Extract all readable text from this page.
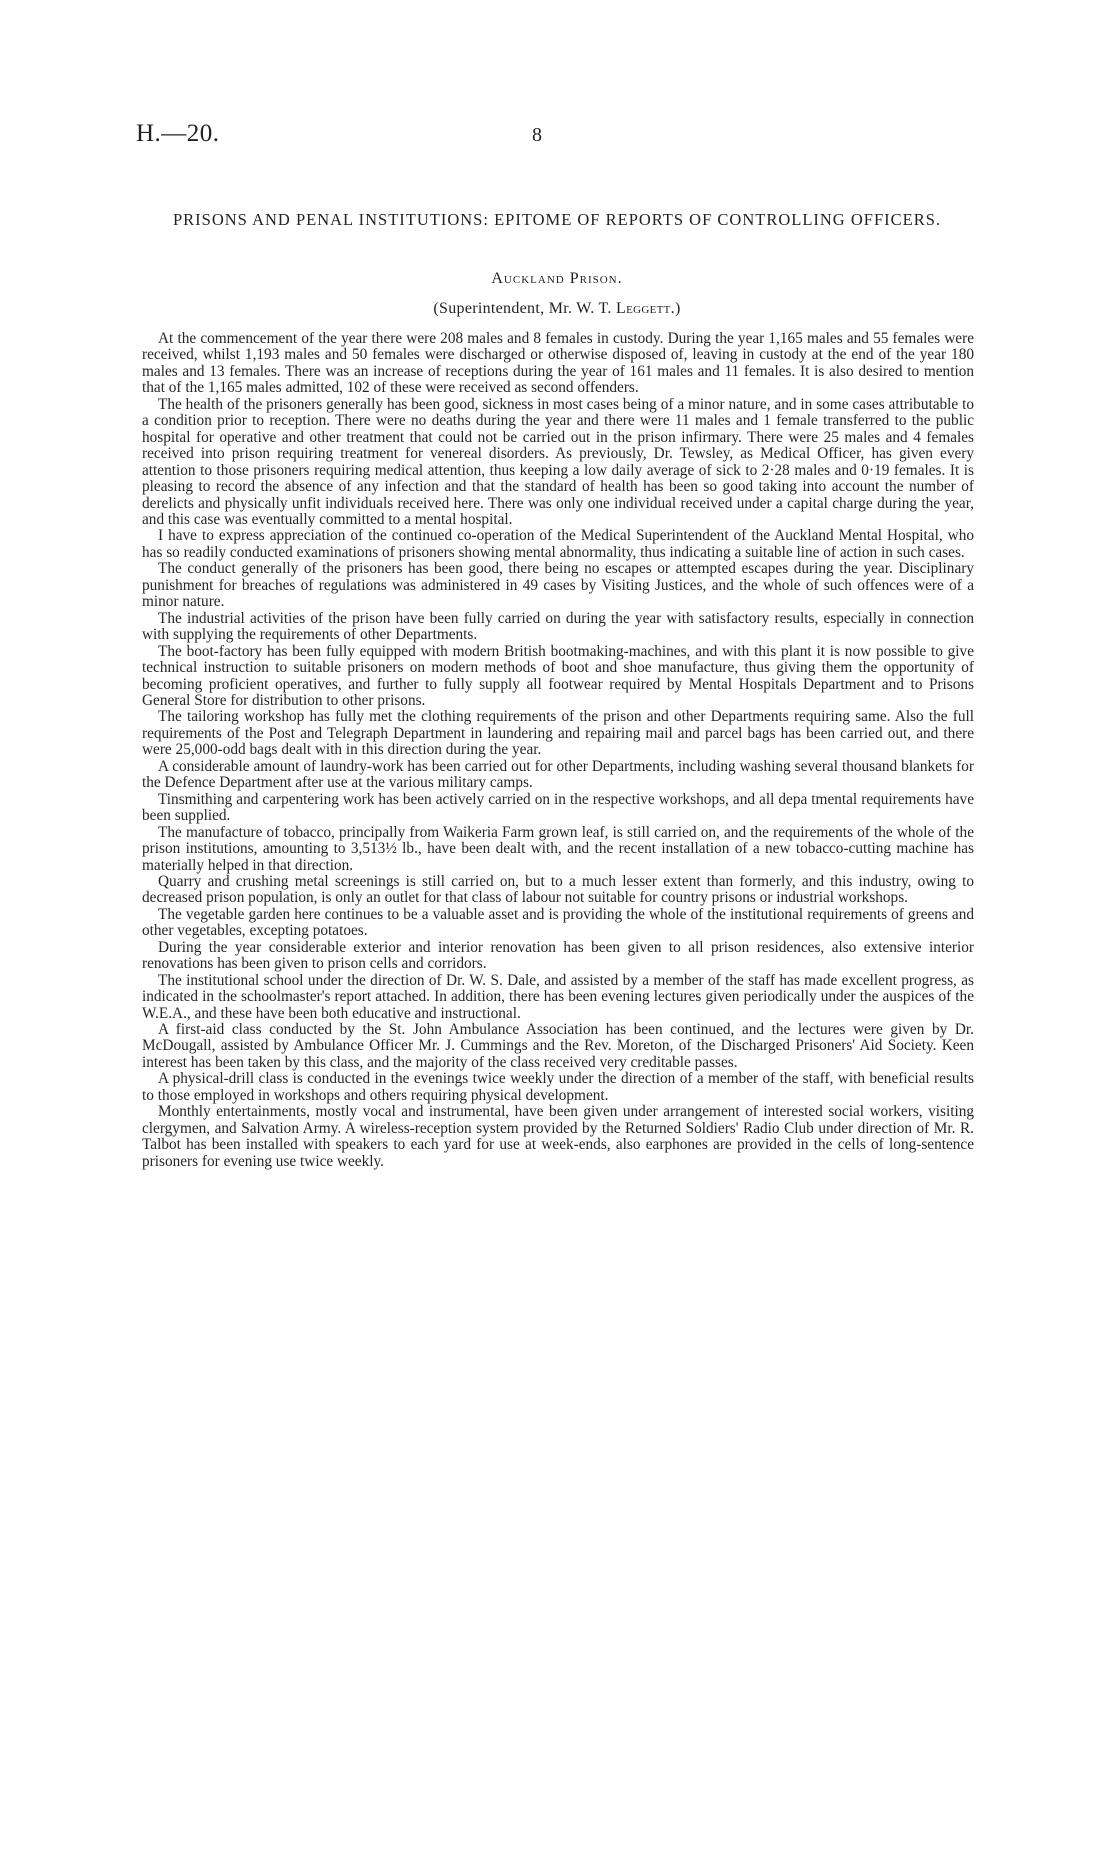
H.—20.	8
PRISONS AND PENAL INSTITUTIONS: EPITOME OF REPORTS OF CONTROLLING OFFICERS.
Auckland Prison.
(Superintendent, Mr. W. T. Leggett.)

At the commencement of the year there were 208 males and 8 females in custody. During the year 1,165 males and 55 females were received, whilst 1,193 males and 50 females were discharged or otherwise disposed of, leaving in custody at the end of the year 180 males and 13 females. There was an increase of receptions during the year of 161 males and 11 females. It is also desired to mention that of the 1,165 males admitted, 102 of these were received as second offenders.

The health of the prisoners generally has been good, sickness in most cases being of a minor nature, and in some cases attributable to a condition prior to reception. There were no deaths during the year and there were 11 males and 1 female transferred to the public hospital for operative and other treatment that could not be carried out in the prison infirmary. There were 25 males and 4 females received into prison requiring treatment for venereal disorders. As previously, Dr. Tewsley, as Medical Officer, has given every attention to those prisoners requiring medical attention, thus keeping a low daily average of sick to 2·28 males and 0·19 females. It is pleasing to record the absence of any infection and that the standard of health has been so good taking into account the number of derelicts and physically unfit individuals received here. There was only one individual received under a capital charge during the year, and this case was eventually committed to a mental hospital.

I have to express appreciation of the continued co-operation of the Medical Superintendent of the Auckland Mental Hospital, who has so readily conducted examinations of prisoners showing mental abnormality, thus indicating a suitable line of action in such cases.

The conduct generally of the prisoners has been good, there being no escapes or attempted escapes during the year. Disciplinary punishment for breaches of regulations was administered in 49 cases by Visiting Justices, and the whole of such offences were of a minor nature.

The industrial activities of the prison have been fully carried on during the year with satisfactory results, especially in connection with supplying the requirements of other Departments.

The boot-factory has been fully equipped with modern British bootmaking-machines, and with this plant it is now possible to give technical instruction to suitable prisoners on modern methods of boot and shoe manufacture, thus giving them the opportunity of becoming proficient operatives, and further to fully supply all footwear required by Mental Hospitals Department and to Prisons General Store for distribution to other prisons.

The tailoring workshop has fully met the clothing requirements of the prison and other Departments requiring same. Also the full requirements of the Post and Telegraph Department in laundering and repairing mail and parcel bags has been carried out, and there were 25,000-odd bags dealt with in this direction during the year.

A considerable amount of laundry-work has been carried out for other Departments, including washing several thousand blankets for the Defence Department after use at the various military camps.

Tinsmithing and carpentering work has been actively carried on in the respective workshops, and all depa tmental requirements have been supplied.

The manufacture of tobacco, principally from Waikeria Farm grown leaf, is still carried on, and the requirements of the whole of the prison institutions, amounting to 3,513½ lb., have been dealt with, and the recent installation of a new tobacco-cutting machine has materially helped in that direction.

Quarry and crushing metal screenings is still carried on, but to a much lesser extent than formerly, and this industry, owing to decreased prison population, is only an outlet for that class of labour not suitable for country prisons or industrial workshops.

The vegetable garden here continues to be a valuable asset and is providing the whole of the institutional requirements of greens and other vegetables, excepting potatoes.

During the year considerable exterior and interior renovation has been given to all prison residences, also extensive interior renovations has been given to prison cells and corridors.

The institutional school under the direction of Dr. W. S. Dale, and assisted by a member of the staff has made excellent progress, as indicated in the schoolmaster's report attached. In addition, there has been evening lectures given periodically under the auspices of the W.E.A., and these have been both educative and instructional.

A first-aid class conducted by the St. John Ambulance Association has been continued, and the lectures were given by Dr. McDougall, assisted by Ambulance Officer Mr. J. Cummings and the Rev. Moreton, of the Discharged Prisoners' Aid Society. Keen interest has been taken by this class, and the majority of the class received very creditable passes.

A physical-drill class is conducted in the evenings twice weekly under the direction of a member of the staff, with beneficial results to those employed in workshops and others requiring physical development.

Monthly entertainments, mostly vocal and instrumental, have been given under arrangement of interested social workers, visiting clergymen, and Salvation Army. A wireless-reception system provided by the Returned Soldiers' Radio Club under direction of Mr. R. Talbot has been installed with speakers to each yard for use at week-ends, also earphones are provided in the cells of long-sentence prisoners for evening use twice weekly.
